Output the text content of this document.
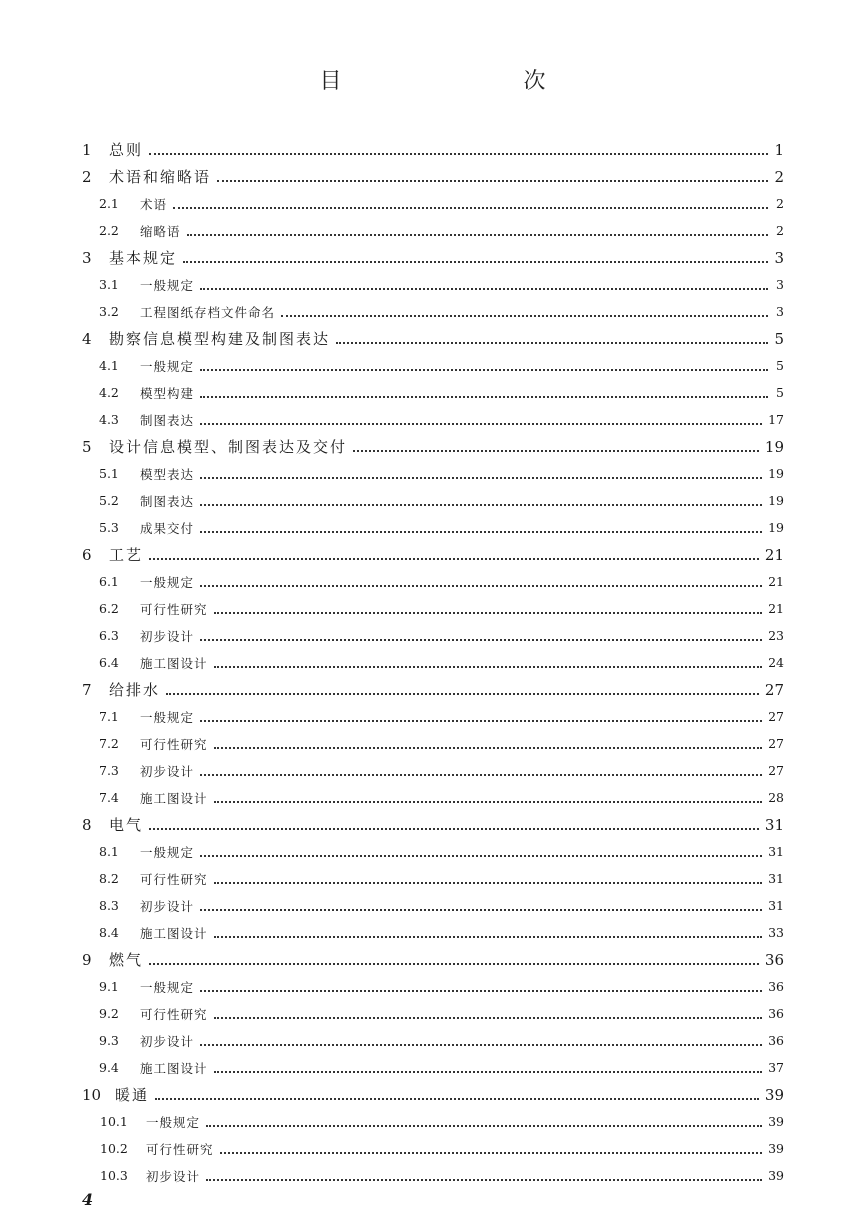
目　　次
1	总则	1
2	术语和缩略语	2
2.1	术语	2
2.2	缩略语	2
3	基本规定	3
3.1	一般规定	3
3.2	工程图纸存档文件命名	3
4	勘察信息模型构建及制图表达	5
4.1	一般规定	5
4.2	模型构建	5
4.3	制图表达	17
5	设计信息模型、制图表达及交付	19
5.1	模型表达	19
5.2	制图表达	19
5.3	成果交付	19
6	工艺	21
6.1	一般规定	21
6.2	可行性研究	21
6.3	初步设计	23
6.4	施工图设计	24
7	给排水	27
7.1	一般规定	27
7.2	可行性研究	27
7.3	初步设计	27
7.4	施工图设计	28
8	电气	31
8.1	一般规定	31
8.2	可行性研究	31
8.3	初步设计	31
8.4	施工图设计	33
9	燃气	36
9.1	一般规定	36
9.2	可行性研究	36
9.3	初步设计	36
9.4	施工图设计	37
10 暖通	39
10.1	一般规定	39
10.2	可行性研究	39
10.3	初步设计	39
4
